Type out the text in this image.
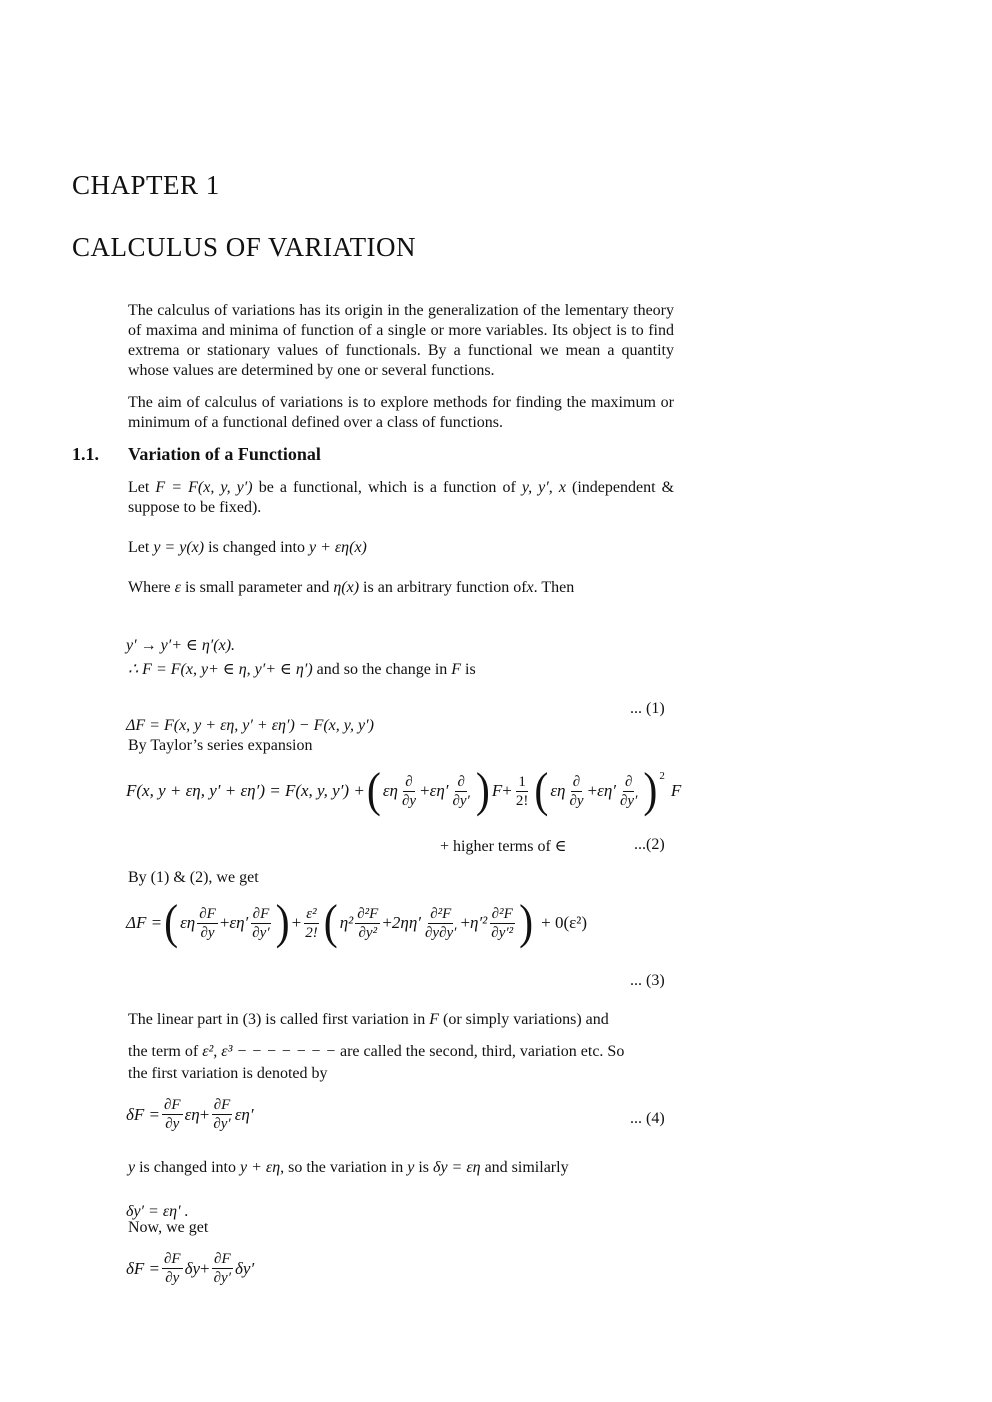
CHAPTER 1
CALCULUS OF VARIATION

The calculus of variations has its origin in the generalization of the lementary theory of maxima and minima of function of a single or more variables. Its object is to find extrema or stationary values of functionals. By a functional we mean a quantity whose values are determined by one or several functions.

The aim of calculus of variations is to explore methods for finding the maximum or minimum of a functional defined over a class of functions.

1.1. Variation of a Functional

Let F = F(x, y, y′) be a functional, which is a function of y, y′, x (independent & suppose to be fixed).

Let y = y(x) is changed into y + εη(x)

Where ε is small parameter and η(x) is an arbitrary function ofx. Then

y′ → y′+ ∈ η′(x).

∴ F = F(x, y+ ∈ η, y′+ ∈ η′) and so the change in F is

ΔF = F(x, y + εη, y′ + εη′) − F(x, y, y′)

... (1)

By Taylor’s series expansion

F(x, y + εη, y′ + εη′) = F(x, y, y′) + ( εη $\frac{\partial}{\partial y} + \varepsilon\eta' \frac{\partial}{\partial y'}$ ) $F + \frac{1}{2!}$ ( εη $\frac{\partial}{\partial y} + \varepsilon\eta' \frac{\partial}{\partial y'} )^2$
F
+ higher terms of ∈	...(2)

By (1) & (2), we get

ΔF = ( εη $\frac{\partial F}{\partial y} + \varepsilon\eta' \frac{\partial F}{\partial y'}$ ) + $\frac{\text{ε²}}{2!}$ ( $\eta^2 \frac{\text{∂²F}}{\text{∂y²}} + 2\eta\eta' \frac{\text{∂²F}}{\partial y\partial y'} + \eta'^2 \frac{\text{∂²F}}{\text{∂y′²}}$ ) + 0(ε²)
... (3)

The linear part in (3) is called first variation in F (or simply variations) and

the term of ε², ε³ − − − − − − − are called the second, third, variation etc. So

the first variation is denoted by

$\delta F = \frac{\partial F}{\partial y}$ $\varepsilon\eta + \frac{\partial F}{\partial y'} \varepsilon\eta'$	... (4)

y is changed into y + εη, so the variation in y is δy = εη and similarly

δy′ = εη′ .

Now, we get

$\delta F = \frac{\partial F}{\partial y}$ $\delta y + \frac{\partial F}{\partial y'} \delta y'$
